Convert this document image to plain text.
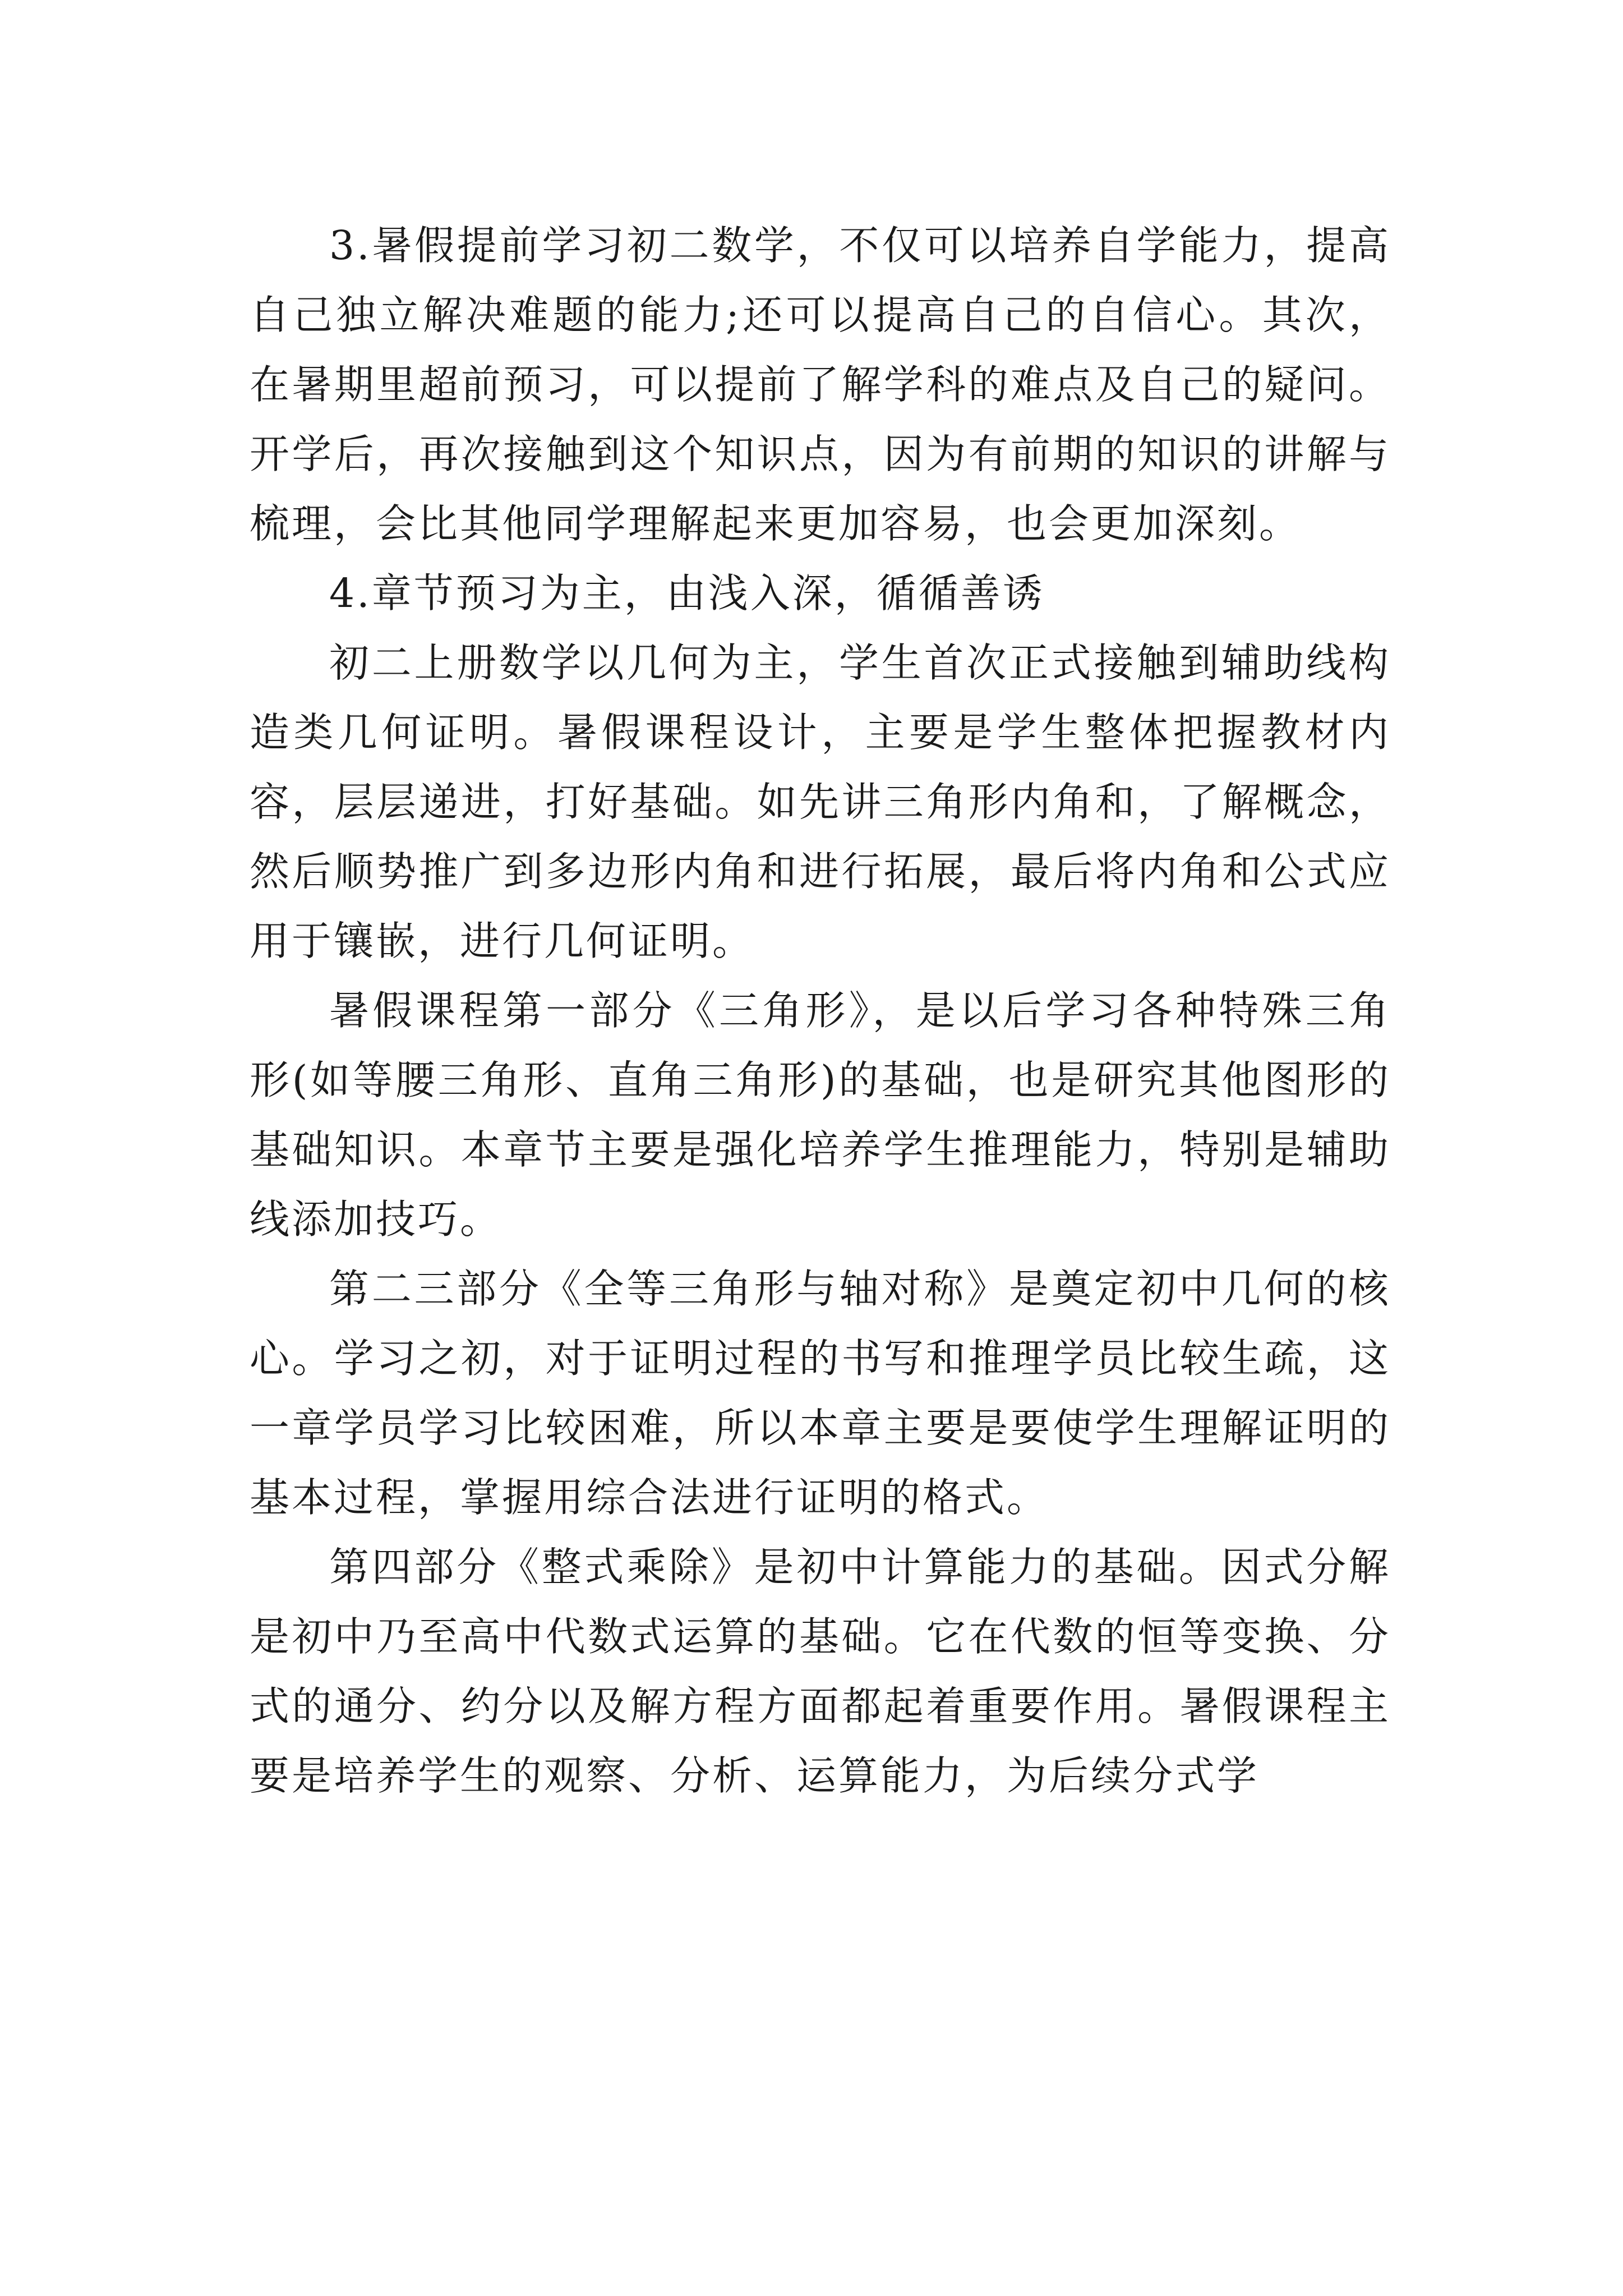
3.暑假提前学习初二数学，不仅可以培养自学能力，提高自己独立解决难题的能力;还可以提高自己的自信心。其次，在暑期里超前预习，可以提前了解学科的难点及自己的疑问。开学后，再次接触到这个知识点，因为有前期的知识的讲解与梳理，会比其他同学理解起来更加容易，也会更加深刻。

4.章节预习为主，由浅入深，循循善诱

初二上册数学以几何为主，学生首次正式接触到辅助线构造类几何证明。暑假课程设计，主要是学生整体把握教材内容，层层递进，打好基础。如先讲三角形内角和，了解概念，然后顺势推广到多边形内角和进行拓展，最后将内角和公式应用于镶嵌，进行几何证明。

暑假课程第一部分《三角形》，是以后学习各种特殊三角形(如等腰三角形、直角三角形)的基础，也是研究其他图形的基础知识。本章节主要是强化培养学生推理能力，特别是辅助线添加技巧。

第二三部分《全等三角形与轴对称》是奠定初中几何的核心。学习之初，对于证明过程的书写和推理学员比较生疏，这一章学员学习比较困难，所以本章主要是要使学生理解证明的基本过程，掌握用综合法进行证明的格式。

第四部分《整式乘除》是初中计算能力的基础。因式分解是初中乃至高中代数式运算的基础。它在代数的恒等变换、分式的通分、约分以及解方程方面都起着重要作用。暑假课程主要是培养学生的观察、分析、运算能力，为后续分式学
